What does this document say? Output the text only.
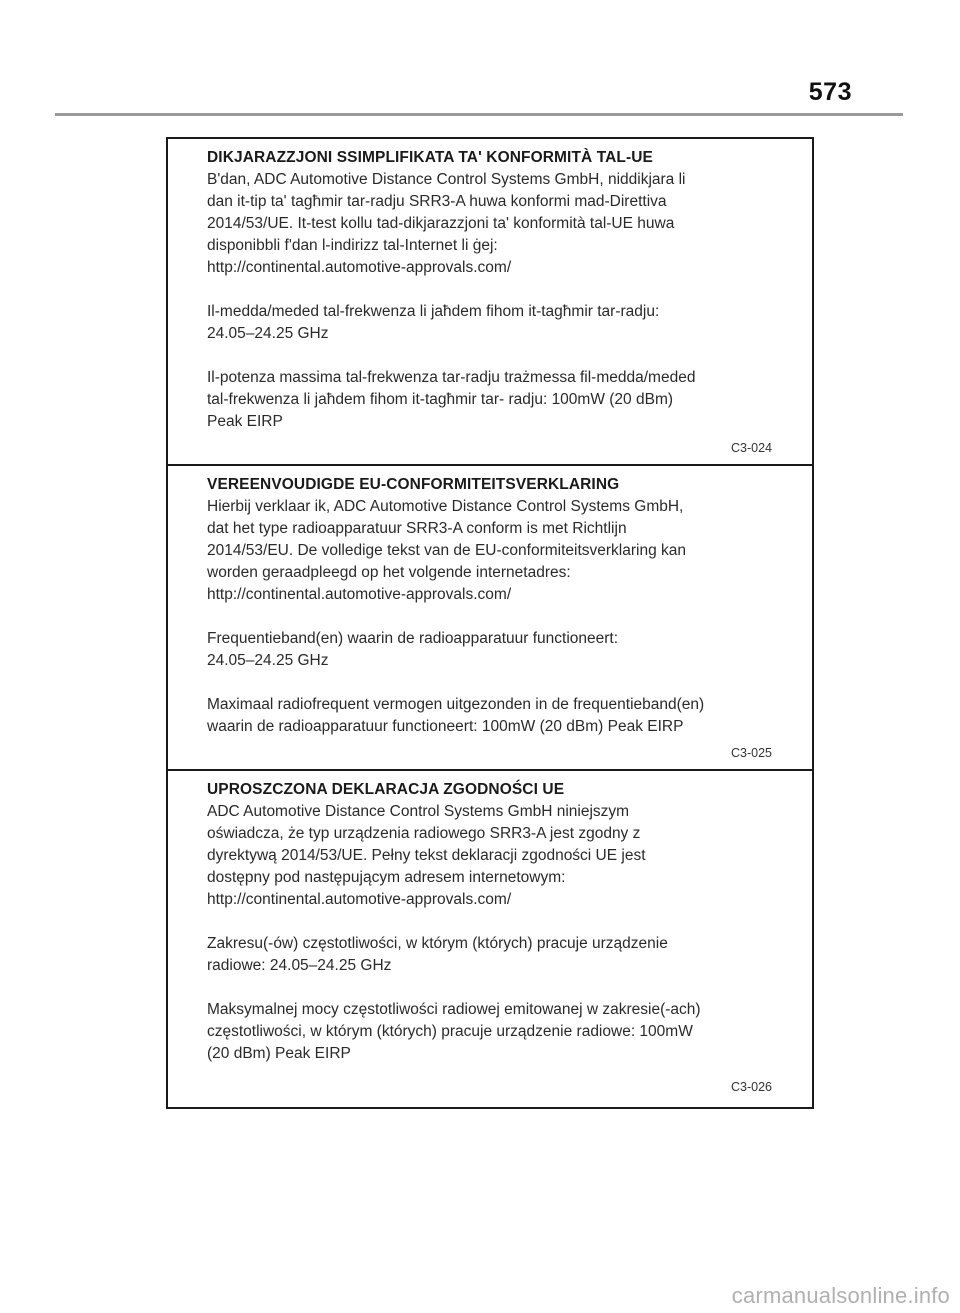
573
DIKJARAZZJONI SSIMPLIFIKATA TA' KONFORMITÀ TAL-UE

B'dan, ADC Automotive Distance Control Systems GmbH, niddikjara li

dan it-tip ta' tagħmir tar-radju SRR3-A huwa konformi mad-Direttiva

2014/53/UE. It-test kollu tad-dikjarazzjoni ta' konformità tal-UE huwa

disponibbli f'dan l-indirizz tal-Internet li ġej:

http://continental.automotive-approvals.com/

Il-medda/meded tal-frekwenza li jaħdem fihom it-tagħmir tar-radju:

24.05–24.25 GHz

Il-potenza massima tal-frekwenza tar-radju trażmessa fil-medda/meded

tal-frekwenza li jaħdem fihom it-tagħmir tar- radju: 100mW (20 dBm)

Peak EIRP

C3-024
VEREENVOUDIGDE EU-CONFORMITEITSVERKLARING

Hierbij verklaar ik, ADC Automotive Distance Control Systems GmbH,

dat het type radioapparatuur SRR3-A conform is met Richtlijn

2014/53/EU. De volledige tekst van de EU-conformiteitsverklaring kan

worden geraadpleegd op het volgende internetadres:

http://continental.automotive-approvals.com/

Frequentieband(en) waarin de radioapparatuur functioneert:

24.05–24.25 GHz

Maximaal radiofrequent vermogen uitgezonden in de frequentieband(en)

waarin de radioapparatuur functioneert: 100mW (20 dBm) Peak EIRP

C3-025
UPROSZCZONA DEKLARACJA ZGODNOŚCI UE

ADC Automotive Distance Control Systems GmbH niniejszym

oświadcza, że typ urządzenia radiowego SRR3-A jest zgodny z

dyrektywą 2014/53/UE. Pełny tekst deklaracji zgodności UE jest

dostępny pod następującym adresem internetowym:

http://continental.automotive-approvals.com/

Zakresu(-ów) częstotliwości, w którym (których) pracuje urządzenie

radiowe: 24.05–24.25 GHz

Maksymalnej mocy częstotliwości radiowej emitowanej w zakresie(-ach)

częstotliwości, w którym (których) pracuje urządzenie radiowe: 100mW

(20 dBm) Peak EIRP

C3-026
carmanualsonline.info
